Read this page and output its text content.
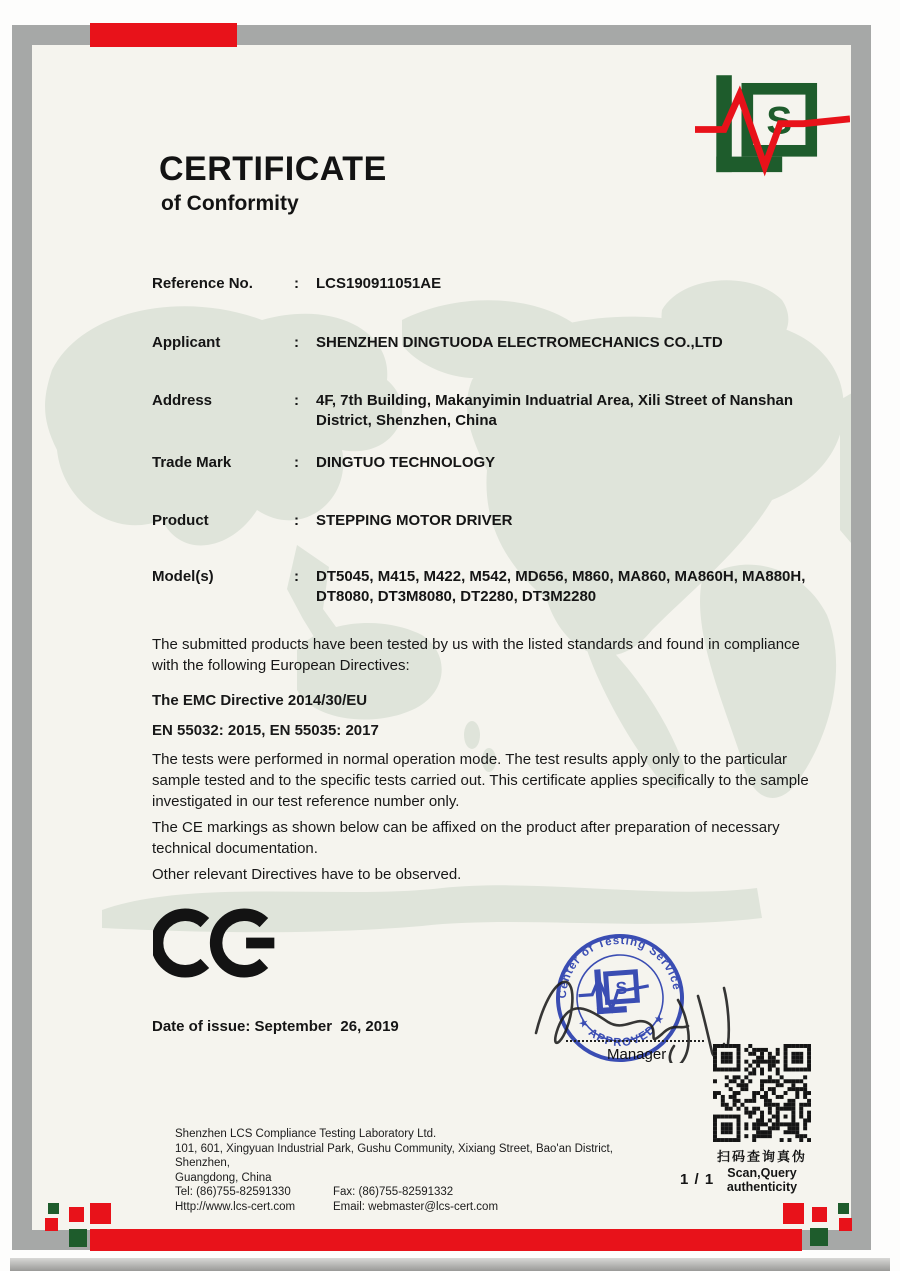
S
CERTIFICATE
of Conformity
Reference No.	:	LCS190911051AE
Applicant	:	SHENZHEN DINGTUODA ELECTROMECHANICS CO.,LTD
Address	:	4F, 7th Building, Makanyimin Induatrial Area, Xili Street of Nanshan District, Shenzhen, China
Trade Mark	:	DINGTUO TECHNOLOGY
Product	:	STEPPING MOTOR DRIVER
Model(s)	:	DT5045, M415, M422, M542, MD656, M860, MA860, MA860H, MA880H, DT8080, DT3M8080, DT2280, DT3M2280
The submitted products have been tested by us with the listed standards and found in compliance with the following European Directives:
The EMC Directive 2014/30/EU
EN 55032: 2015, EN 55035: 2017
The tests were performed in normal operation mode. The test results apply only to the particular sample tested and to the specific tests carried out. This certificate applies specifically to the sample investigated in our test reference number only.
The CE markings as shown below can be affixed on the product after preparation of necessary technical documentation.
Other relevant Directives have to be observed.
Date of issue: September  26, 2019
Center of Testing Service
★ APPROVED ★
S
Manager
扫码查询真伪
Scan,Query authenticity
Shenzhen LCS Compliance Testing Laboratory Ltd.
101, 601, Xingyuan Industrial Park, Gushu Community, Xixiang Street, Bao'an District, Shenzhen,
Guangdong, China
Tel: (86)755-82591330	Fax: (86)755-82591332
Http://www.lcs-cert.com	Email: webmaster@lcs-cert.com
1 / 1
